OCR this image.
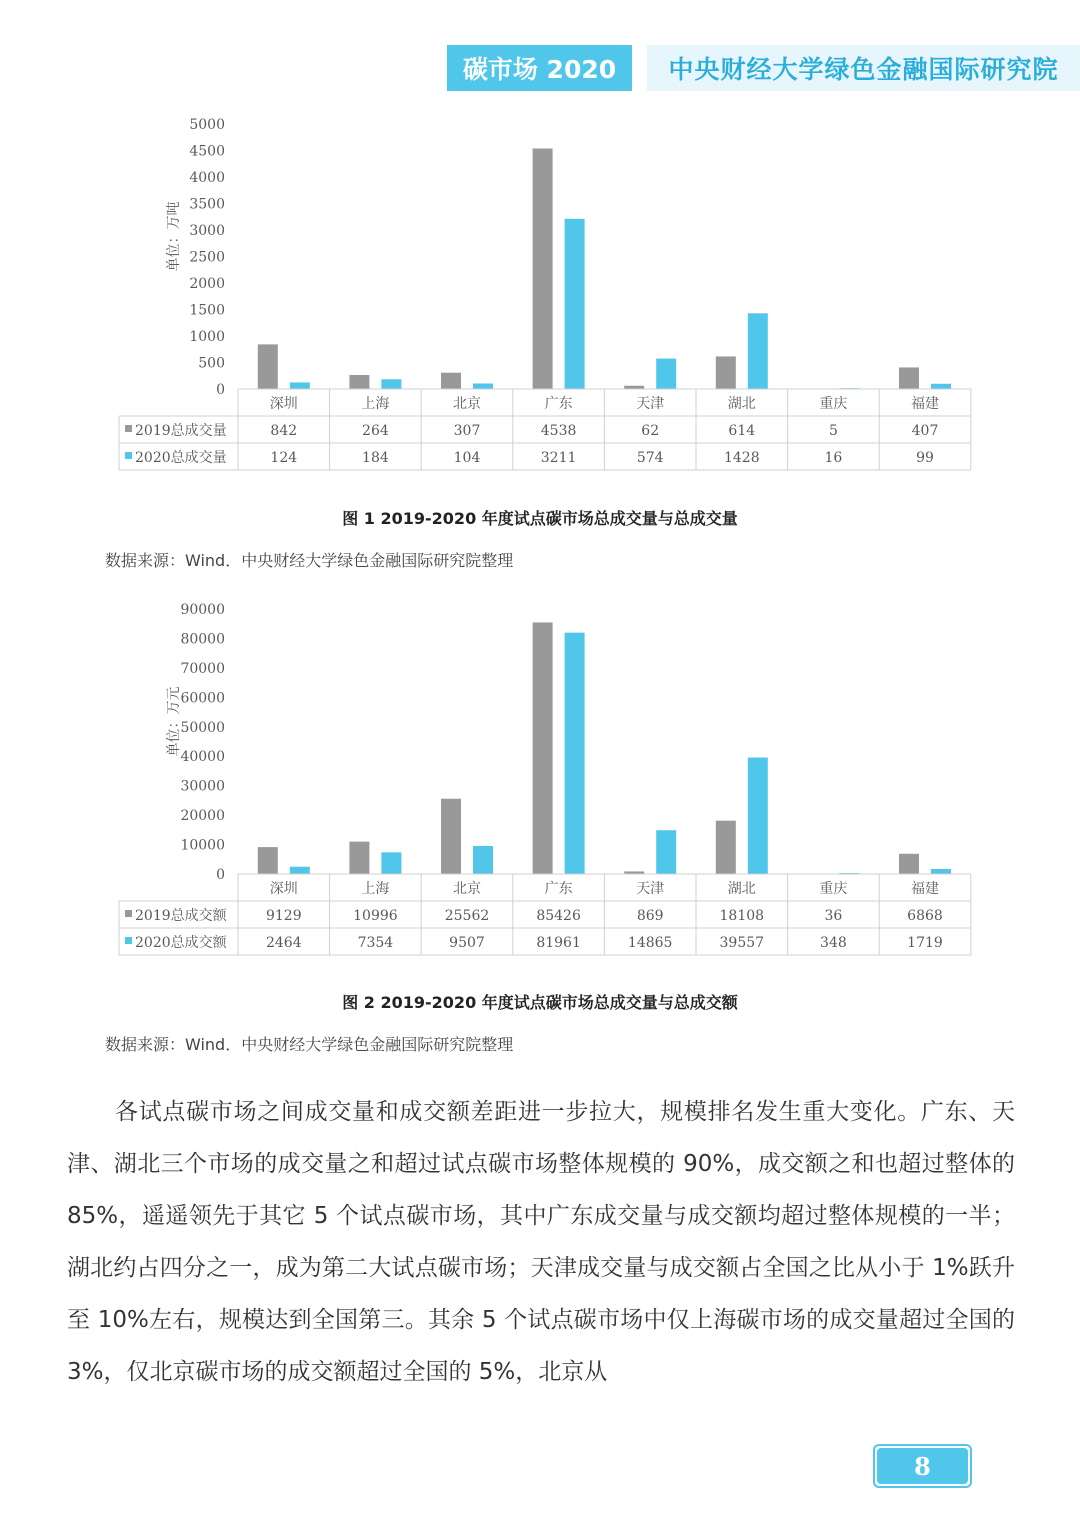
碳市场 2020	中央财经大学绿色金融国际研究院
0
500
1000
1500
2000
2500
3000
3500
4000
4500
5000
单位：万吨
深圳	上海	北京	广东	天津	湖北	重庆	福建
2019总成交量	842	264	307	4538	62	614	5	407
2020总成交量	124	184	104	3211	574	1428	16	99
图 1 2019-2020 年度试点碳市场总成交量与总成交量
数据来源：Wind．中央财经大学绿色金融国际研究院整理
0
10000
20000
30000
40000
50000
60000
70000
80000
90000
单位：万元
深圳	上海	北京	广东	天津	湖北	重庆	福建
2019总成交额	9129	10996	25562	85426	869	18108	36	6868
2020总成交额	2464	7354	9507	81961	14865	39557	348	1719
图 2 2019-2020 年度试点碳市场总成交量与总成交额
数据来源：Wind．中央财经大学绿色金融国际研究院整理
各试点碳市场之间成交量和成交额差距进一步拉大，规模排名发生重大变化。广东、天津、湖北三个市场的成交量之和超过试点碳市场整体规模的 90%，成交额之和也超过整体的 85%，遥遥领先于其它 5 个试点碳市场，其中广东成交量与成交额均超过整体规模的一半；湖北约占四分之一，成为第二大试点碳市场；天津成交量与成交额占全国之比从小于 1%跃升至 10%左右，规模达到全国第三。其余 5 个试点碳市场中仅上海碳市场的成交量超过全国的 3%，仅北京碳市场的成交额超过全国的 5%，北京从
8
